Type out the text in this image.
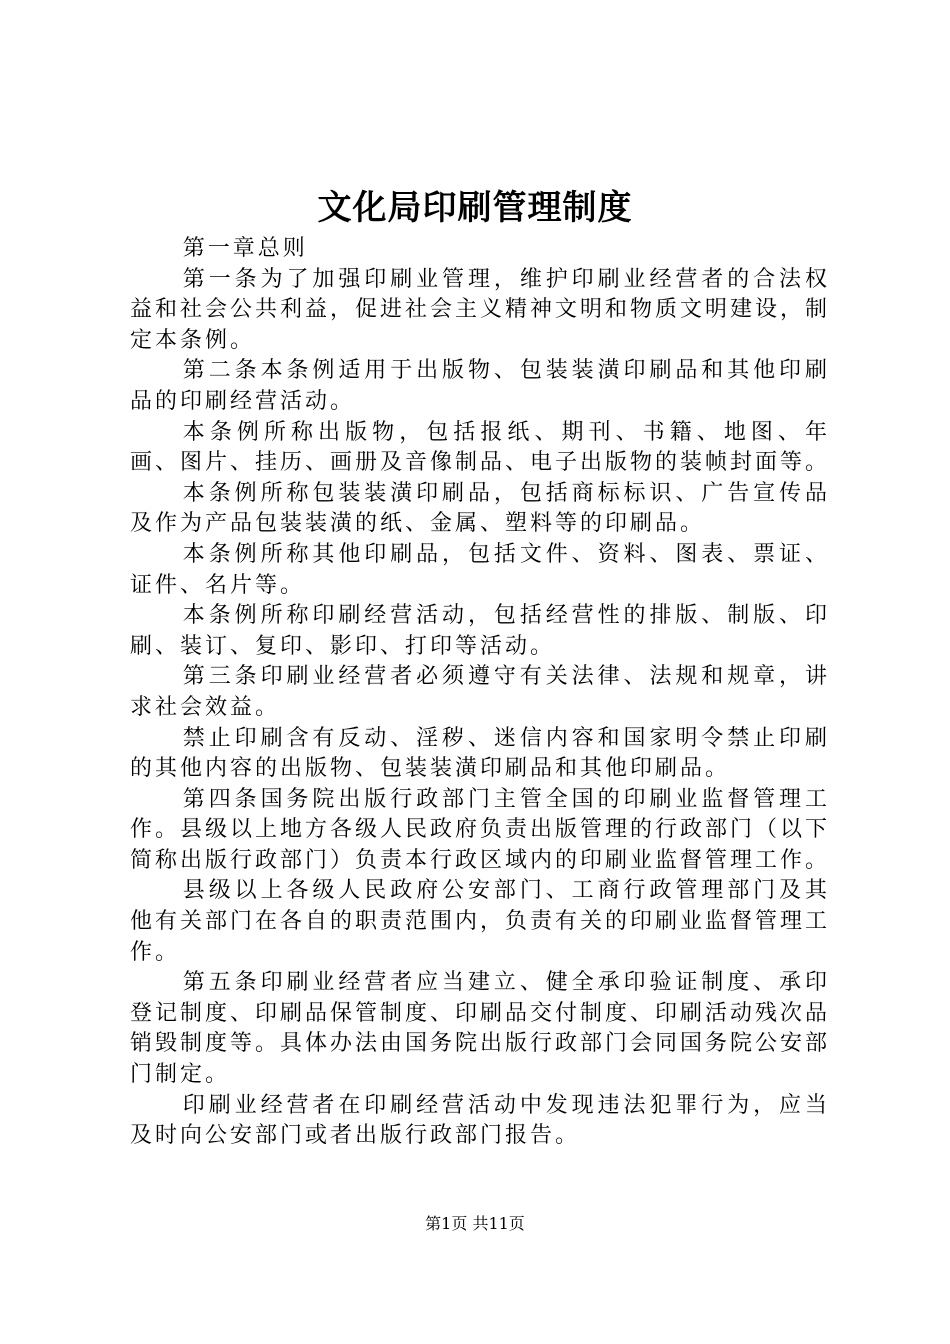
文化局印刷管理制度

第一章总则

第一条为了加强印刷业管理，维护印刷业经营者的合法权益和社会公共利益，促进社会主义精神文明和物质文明建设，制定本条例。

第二条本条例适用于出版物、包装装潢印刷品和其他印刷品的印刷经营活动。

本条例所称出版物，包括报纸、期刊、书籍、地图、年画、图片、挂历、画册及音像制品、电子出版物的装帧封面等。

本条例所称包装装潢印刷品，包括商标标识、广告宣传品及作为产品包装装潢的纸、金属、塑料等的印刷品。

本条例所称其他印刷品，包括文件、资料、图表、票证、证件、名片等。

本条例所称印刷经营活动，包括经营性的排版、制版、印刷、装订、复印、影印、打印等活动。

第三条印刷业经营者必须遵守有关法律、法规和规章，讲求社会效益。

禁止印刷含有反动、淫秽、迷信内容和国家明令禁止印刷的其他内容的出版物、包装装潢印刷品和其他印刷品。

第四条国务院出版行政部门主管全国的印刷业监督管理工作。县级以上地方各级人民政府负责出版管理的行政部门（以下简称出版行政部门）负责本行政区域内的印刷业监督管理工作。

县级以上各级人民政府公安部门、工商行政管理部门及其他有关部门在各自的职责范围内，负责有关的印刷业监督管理工作。

第五条印刷业经营者应当建立、健全承印验证制度、承印登记制度、印刷品保管制度、印刷品交付制度、印刷活动残次品销毁制度等。具体办法由国务院出版行政部门会同国务院公安部门制定。

印刷业经营者在印刷经营活动中发现违法犯罪行为，应当及时向公安部门或者出版行政部门报告。

第1页 共11页
